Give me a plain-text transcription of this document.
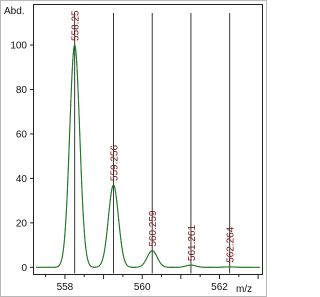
0
20
40
60
80
100
558	560	562
558.25
559.256
560.259	561.261	562.264
Abd.
m/z
